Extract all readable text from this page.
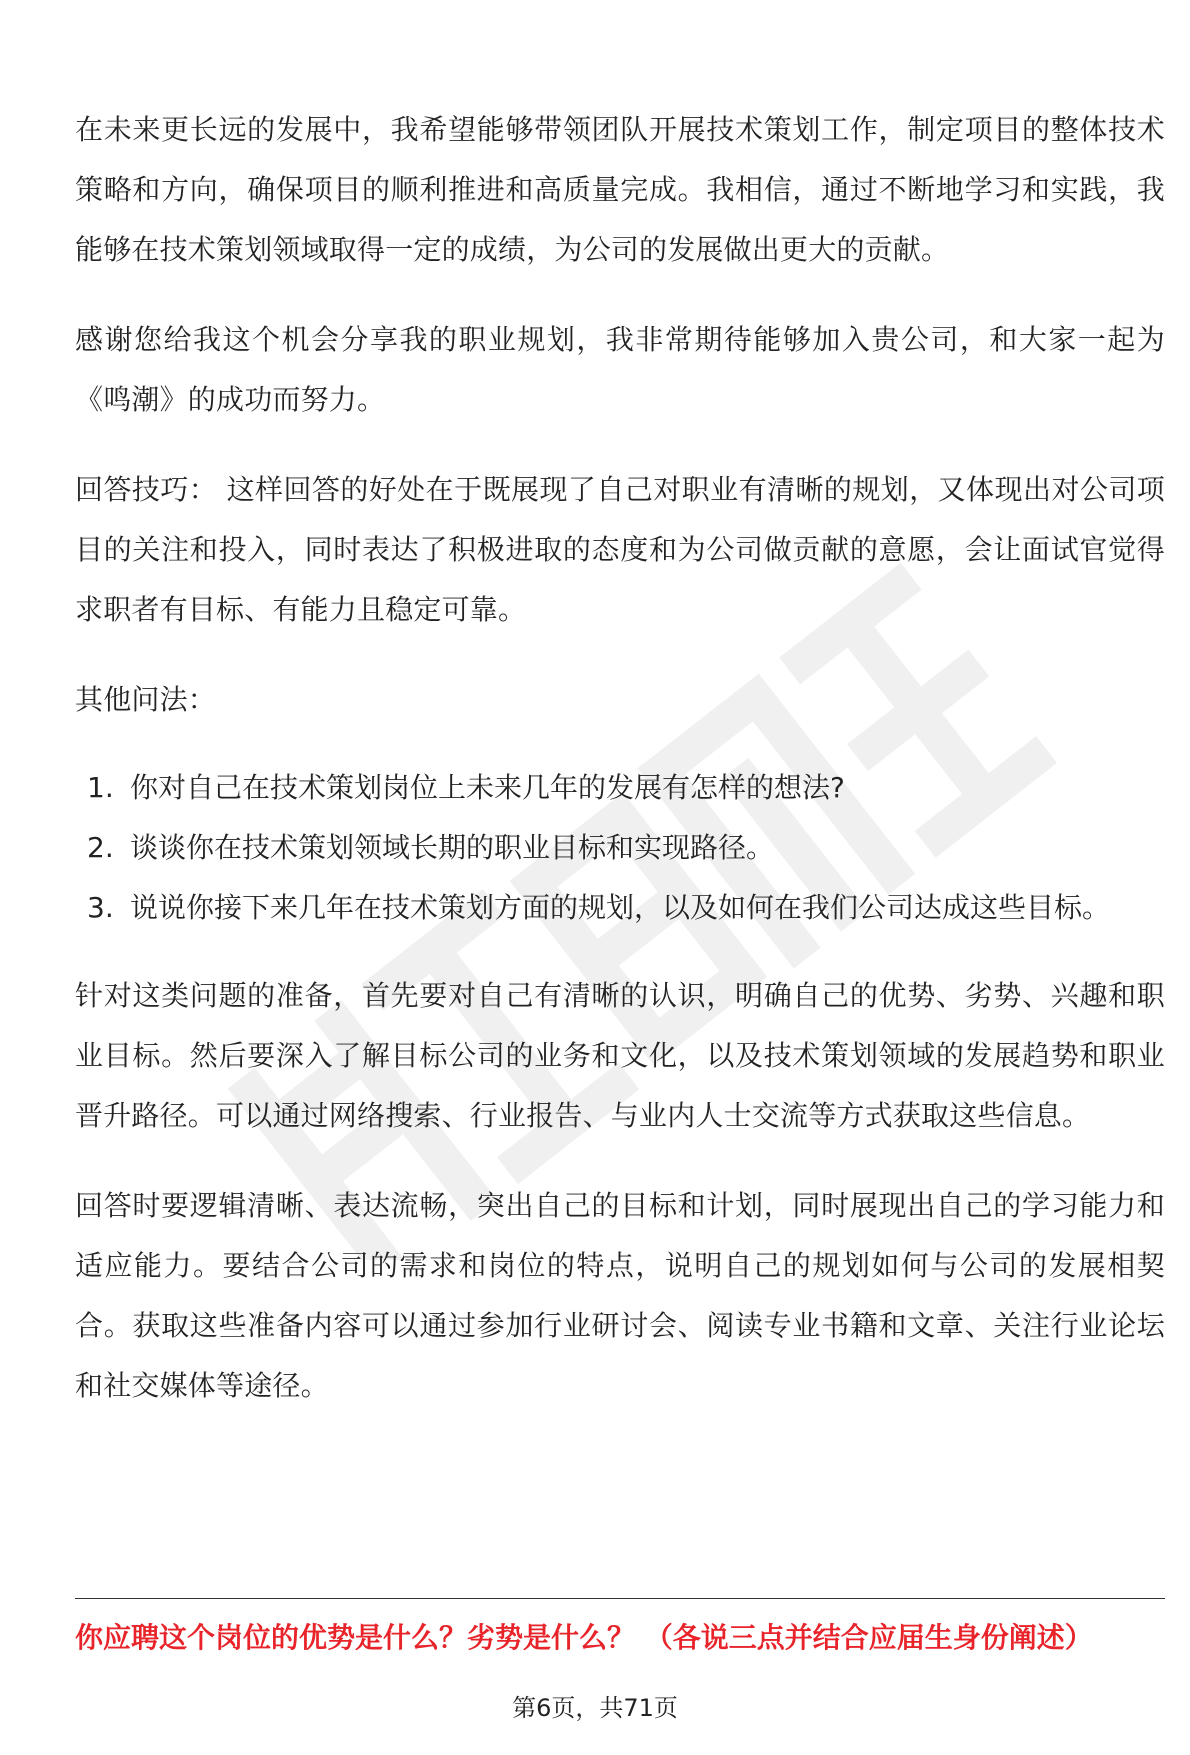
在未来更长远的发展中，我希望能够带领团队开展技术策划工作，制定项目的整体技术策略和方向，确保项目的顺利推进和高质量完成。我相信，通过不断地学习和实践，我能够在技术策划领域取得一定的成绩，为公司的发展做出更大的贡献。

感谢您给我这个机会分享我的职业规划，我非常期待能够加入贵公司，和大家一起为《鸣潮》的成功而努力。

回答技巧： 这样回答的好处在于既展现了自己对职业有清晰的规划，又体现出对公司项目的关注和投入，同时表达了积极进取的态度和为公司做贡献的意愿，会让面试官觉得求职者有目标、有能力且稳定可靠。

其他问法：

1. 你对自己在技术策划岗位上未来几年的发展有怎样的想法?
2. 谈谈你在技术策划领域长期的职业目标和实现路径。
3. 说说你接下来几年在技术策划方面的规划，以及如何在我们公司达成这些目标。

针对这类问题的准备，首先要对自己有清晰的认识，明确自己的优势、劣势、兴趣和职业目标。然后要深入了解目标公司的业务和文化，以及技术策划领域的发展趋势和职业晋升路径。可以通过网络搜索、行业报告、与业内人士交流等方式获取这些信息。

回答时要逻辑清晰、表达流畅，突出自己的目标和计划，同时展现出自己的学习能力和适应能力。要结合公司的需求和岗位的特点，说明自己的规划如何与公司的发展相契合。获取这些准备内容可以通过参加行业研讨会、阅读专业书籍和文章、关注行业论坛和社交媒体等途径。

你应聘这个岗位的优势是什么？劣势是什么？ （各说三点并结合应届生身份阐述）
第6页，共71页
